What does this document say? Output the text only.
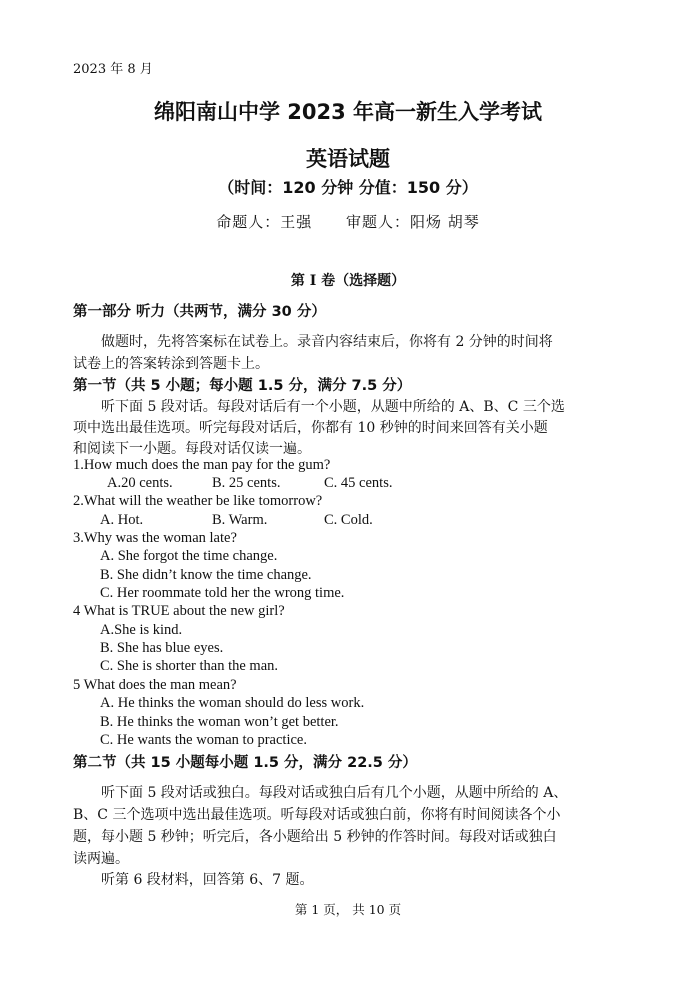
2023 年 8 月
绵阳南山中学 2023 年高一新生入学考试
英语试题
（时间：120 分钟 分值：150 分）
命题人：王强 审题人：阳炀 胡琴
第 I 卷（选择题）
第一部分 听力（共两节，满分 30 分）
做题时，先将答案标在试卷上。录音内容结束后，你将有 2 分钟的时间将
试卷上的答案转涂到答题卡上。
第一节（共 5 小题；每小题 1.5 分，满分 7.5 分）
听下面 5 段对话。每段对话后有一个小题，从题中所给的 A、B、C 三个选
项中选出最佳选项。听完每段对话后，你都有 10 秒钟的时间来回答有关小题
和阅读下一小题。每段对话仅读一遍。
1.How much does the man pay for the gum?
A.20 cents.	B. 25 cents.	C. 45 cents.
2.What will the weather be like tomorrow?
A. Hot.	B. Warm.	C. Cold.
3.Why was the woman late?
A. She forgot the time change.
B. She didn’t know the time change.
C. Her roommate told her the wrong time.
4 What is TRUE about the new girl?
A.She is kind.
B. She has blue eyes.
C. She is shorter than the man.
5 What does the man mean?
A. He thinks the woman should do less work.
B. He thinks the woman won’t get better.
C. He wants the woman to practice.
第二节（共 15 小题每小题 1.5 分，满分 22.5 分）
听下面 5 段对话或独白。每段对话或独白后有几个小题，从题中所给的 A、
B、C 三个选项中选出最佳选项。听每段对话或独白前，你将有时间阅读各个小
题，每小题 5 秒钟；听完后，各小题给出 5 秒钟的作答时间。每段对话或独白
读两遍。
听第 6 段材料，回答第 6、7 题。
第 1 页， 共 10 页
